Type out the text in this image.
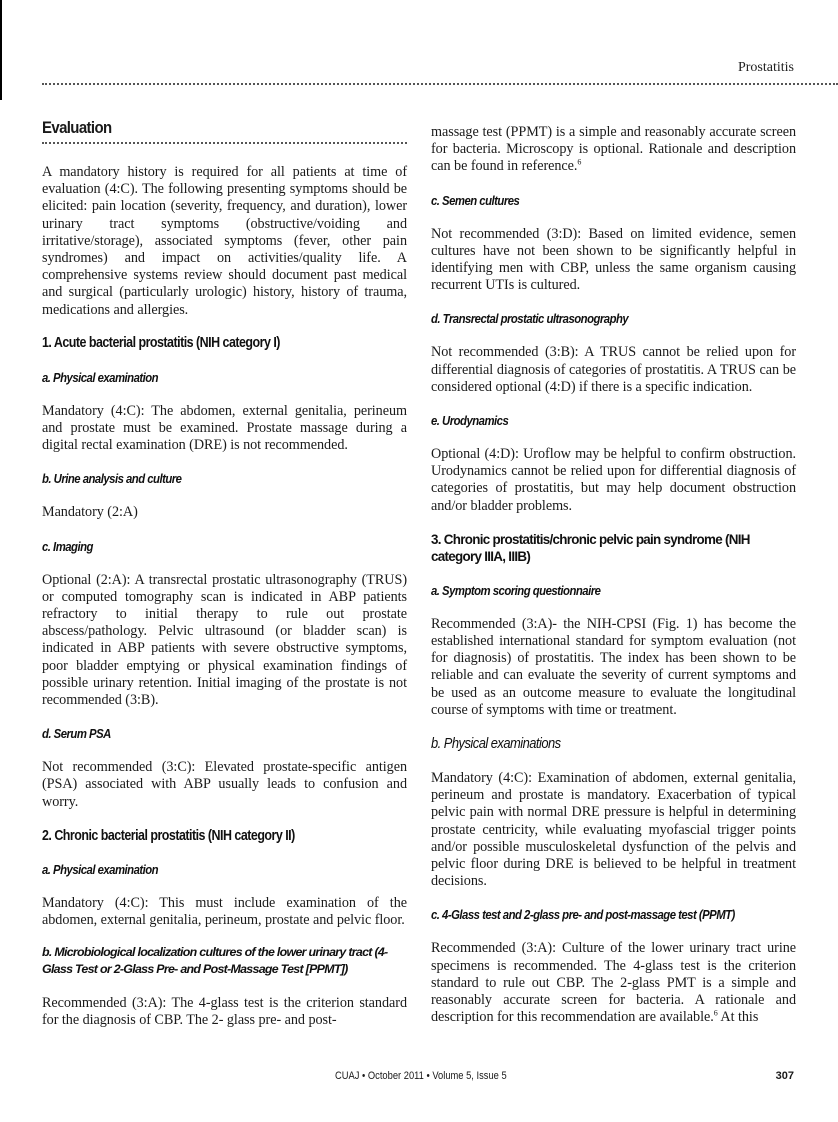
Prostatitis
Evaluation

A mandatory history is required for all patients at time of evaluation (4:C). The following presenting symptoms should be elicited: pain location (severity, frequency, and duration), lower urinary tract symptoms (obstructive/voiding and irritative/storage), associated symptoms (fever, other pain syndromes) and impact on activities/quality life. A comprehensive systems review should document past medical and surgical (particularly urologic) history, history of trauma, medications and allergies.

1. Acute bacterial prostatitis (NIH category I)
a. Physical examination

Mandatory (4:C): The abdomen, external genitalia, perineum and prostate must be examined. Prostate massage during a digital rectal examination (DRE) is not recommended.

b. Urine analysis and culture

Mandatory (2:A)

c. Imaging

Optional (2:A): A transrectal prostatic ultrasonography (TRUS) or computed tomography scan is indicated in ABP patients refractory to initial therapy to rule out prostate abscess/pathology. Pelvic ultrasound (or bladder scan) is indicated in ABP patients with severe obstructive symptoms, poor bladder emptying or physical examination findings of possible urinary retention. Initial imaging of the prostate is not recommended (3:B).

d. Serum PSA

Not recommended (3:C): Elevated prostate-specific antigen (PSA) associated with ABP usually leads to confusion and worry.

2. Chronic bacterial prostatitis (NIH category II)
a. Physical examination

Mandatory (4:C): This must include examination of the abdomen, external genitalia, perineum, prostate and pelvic floor.

b. Microbiological localization cultures of the lower urinary tract (4-Glass Test or 2-Glass Pre- and Post-Massage Test [PPMT])

Recommended (3:A): The 4-glass test is the criterion standard for the diagnosis of CBP. The 2- glass pre- and post-

massage test (PPMT) is a simple and reasonably accurate screen for bacteria. Microscopy is optional. Rationale and description can be found in reference.$^6$

c. Semen cultures

Not recommended (3:D): Based on limited evidence, semen cultures have not been shown to be significantly helpful in identifying men with CBP, unless the same organism causing recurrent UTIs is cultured.

d. Transrectal prostatic ultrasonography

Not recommended (3:B): A TRUS cannot be relied upon for differential diagnosis of categories of prostatitis. A TRUS can be considered optional (4:D) if there is a specific indication.

e. Urodynamics

Optional (4:D): Uroflow may be helpful to confirm obstruction. Urodynamics cannot be relied upon for differential diagnosis of categories of prostatitis, but may help document obstruction and/or bladder problems.

3. Chronic prostatitis/chronic pelvic pain syndrome (NIH category IIIA, IIIB)
a. Symptom scoring questionnaire

Recommended (3:A)- the NIH-CPSI (Fig. 1) has become the established international standard for symptom evaluation (not for diagnosis) of prostatitis. The index has been shown to be reliable and can evaluate the severity of current symptoms and be used as an outcome measure to evaluate the longitudinal course of symptoms with time or treatment.

b. Physical examinations

Mandatory (4:C): Examination of abdomen, external genitalia, perineum and prostate is mandatory. Exacerbation of typical pelvic pain with normal DRE pressure is helpful in determining prostate centricity, while evaluating myofascial trigger points and/or possible musculoskeletal dysfunction of the pelvis and pelvic floor during DRE is believed to be helpful in treatment decisions.

c. 4-Glass test and 2-glass pre- and post-massage test (PPMT)

Recommended (3:A): Culture of the lower urinary tract urine specimens is recommended. The 4-glass test is the criterion standard to rule out CBP. The 2-glass PMT is a simple and reasonably accurate screen for bacteria. A rationale and description for this recommendation are available.$^6$ At this

CUAJ • October 2011 • Volume 5, Issue 5	307
